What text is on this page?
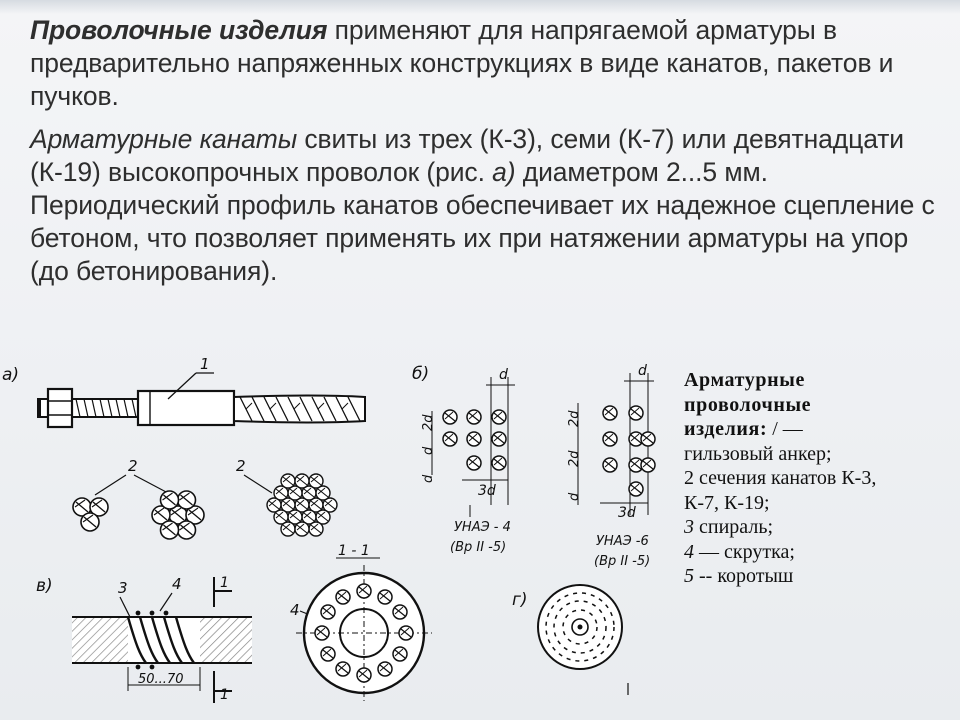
Проволочные изделия применяют для напрягаемой арматуры в предварительно напряженных конструкциях в виде канатов, пакетов и пучков.

Арматурные канаты свиты из трех (К-3), семи (К-7) или девятнадцати (К-19) высокопрочных проволок (рис. а) диаметром 2...5 мм. Периодический профиль канатов обеспечивает их надежное сцепление с бетоном, что позволяет применять их при натяжении арматуры на упор (до бетонирования).

а)
1
2	2
б)	d
2d
d
3d
УНАЭ - 4
(Вр II -5)
d
2d
2d
d
d
3d
УНАЭ -6
(Вр II -5)
в)	3	4	1
1
50...70
1 - 1
4	г)
Арматурные
проволочные
изделия: / —
гильзовый анкер;
2 сечения канатов К-3,
К-7, К-19;
3 спираль;
4 — скрутка;
5 -- коротыш
